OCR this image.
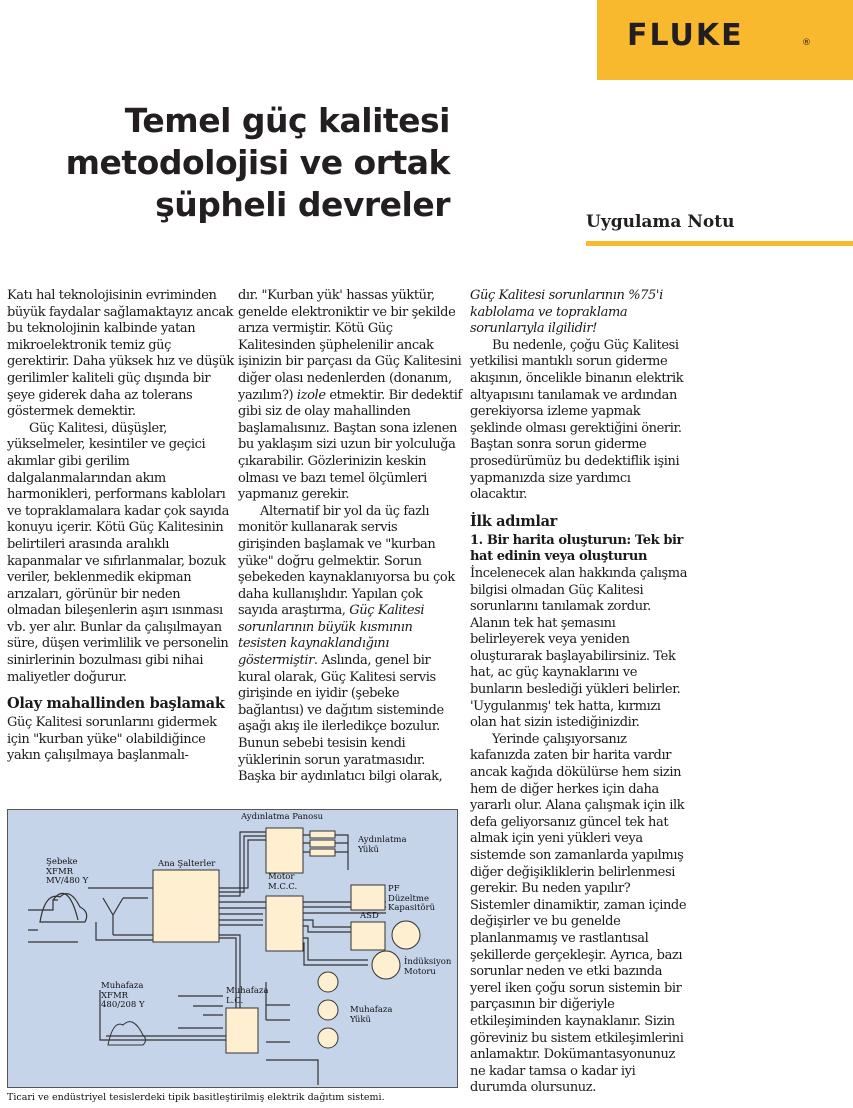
FLUKE	®
Temel güç kalitesi
metodolojisi ve ortak
şüpheli devreler	Uygulama Notu

Katı hal teknolojisinin evriminden büyük faydalar sağlamaktayız ancak bu teknolojinin kalbinde yatan mikroelektronik temiz güç gerektirir. Daha yüksek hız ve düşük gerilimler kaliteli güç dışında bir şeye giderek daha az tolerans göstermek demektir.

Güç Kalitesi, düşüşler, yükselmeler, kesintiler ve geçici akımlar gibi gerilim dalgalanmalarından akım harmonikleri, performans kabloları ve topraklamalara kadar çok sayıda konuyu içerir. Kötü Güç Kalitesinin belirtileri arasında aralıklı kapanmalar ve sıfırlanmalar, bozuk veriler, beklenmedik ekipman arızaları, görünür bir neden olmadan bileşenlerin aşırı ısınması vb. yer alır. Bunlar da çalışılmayan süre, düşen verimlilik ve personelin sinirlerinin bozulması gibi nihai maliyetler doğurur.

Olay mahallinden başlamak

Güç Kalitesi sorunlarını gidermek için "kurban yüke" olabildiğince yakın çalışılmaya başlanmalı-

dır. "Kurban yük' hassas yüktür, genelde elektroniktir ve bir şekilde arıza vermiştir. Kötü Güç Kalitesinden şüphelenilir ancak işinizin bir parçası da Güç Kalitesini diğer olası nedenlerden (donanım, yazılım?) izole etmektir. Bir dedektif gibi siz de olay mahallinden başlamalısınız. Baştan sona izlenen bu yaklaşım sizi uzun bir yolculuğa çıkarabilir. Gözlerinizin keskin olması ve bazı temel ölçümleri yapmanız gerekir.

Alternatif bir yol da üç fazlı monitör kullanarak servis girişinden başlamak ve "kurban yüke" doğru gelmektir. Sorun şebekeden kaynaklanıyorsa bu çok daha kullanışlıdır. Yapılan çok sayıda araştırma, Güç Kalitesi sorunlarının büyük kısmının tesisten kaynaklandığını göstermiştir. Aslında, genel bir kural olarak, Güç Kalitesi servis girişinde en iyidir (şebeke bağlantısı) ve dağıtım sisteminde aşağı akış ile ilerledikçe bozulur. Bunun sebebi tesisin kendi yüklerinin sorun yaratmasıdır. Başka bir aydınlatıcı bilgi olarak,

Güç Kalitesi sorunlarının %75'i kablolama ve topraklama sorunlarıyla ilgilidir!

Bu nedenle, çoğu Güç Kalitesi yetkilisi mantıklı sorun giderme akışının, öncelikle binanın elektrik altyapısını tanılamak ve ardından gerekiyorsa izleme yapmak şeklinde olması gerektiğini önerir. Baştan sonra sorun giderme prosedürümüz bu dedektiflik işini yapmanızda size yardımcı olacaktır.

İlk adımlar
1. Bir harita oluşturun: Tek bir hat edinin veya oluşturun

İncelenecek alan hakkında çalışma bilgisi olmadan Güç Kalitesi sorunlarını tanılamak zordur. Alanın tek hat şemasını belirleyerek veya yeniden oluşturarak başlayabilirsiniz. Tek hat, ac güç kaynaklarını ve bunların beslediği yükleri belirler. 'Uygulanmış' tek hatta, kırmızı olan hat sizin istediğinizdir.

Yerinde çalışıyorsanız kafanızda zaten bir harita vardır ancak kağıda dökülürse hem sizin hem de diğer herkes için daha yararlı olur. Alana çalışmak için ilk defa geliyorsanız güncel tek hat almak için yeni yükleri veya sistemde son zamanlarda yapılmış diğer değişikliklerin belirlenmesi gerekir. Bu neden yapılır? Sistemler dinamiktir, zaman içinde değişirler ve bu genelde planlanmamış ve rastlantısal şekillerde gerçekleşir. Ayrıca, bazı sorunlar neden ve etki bazında yerel iken çoğu sorun sistemin bir parçasının bir diğeriyle etkileşiminden kaynaklanır. Sizin göreviniz bu sistem etkileşimlerini anlamaktır. Dokümantasyonunuz ne kadar tamsa o kadar iyi durumda olursunuz.

Şebeke
XFMR
MV/480 Y
Ana Şalterler
Aydınlatma Panosu
Aydınlatma
Yükü
Motor
M.C.C.	PF
Düzeltme
Kapasitörü
ASD
İndüksiyon
Motoru
Muhafaza
XFMR
480/208 Y
Muhafaza
L.C.
Muhafaza
Yükü
Ticari ve endüstriyel tesislerdeki tipik basitleştirilmiş elektrik dağıtım sistemi.
